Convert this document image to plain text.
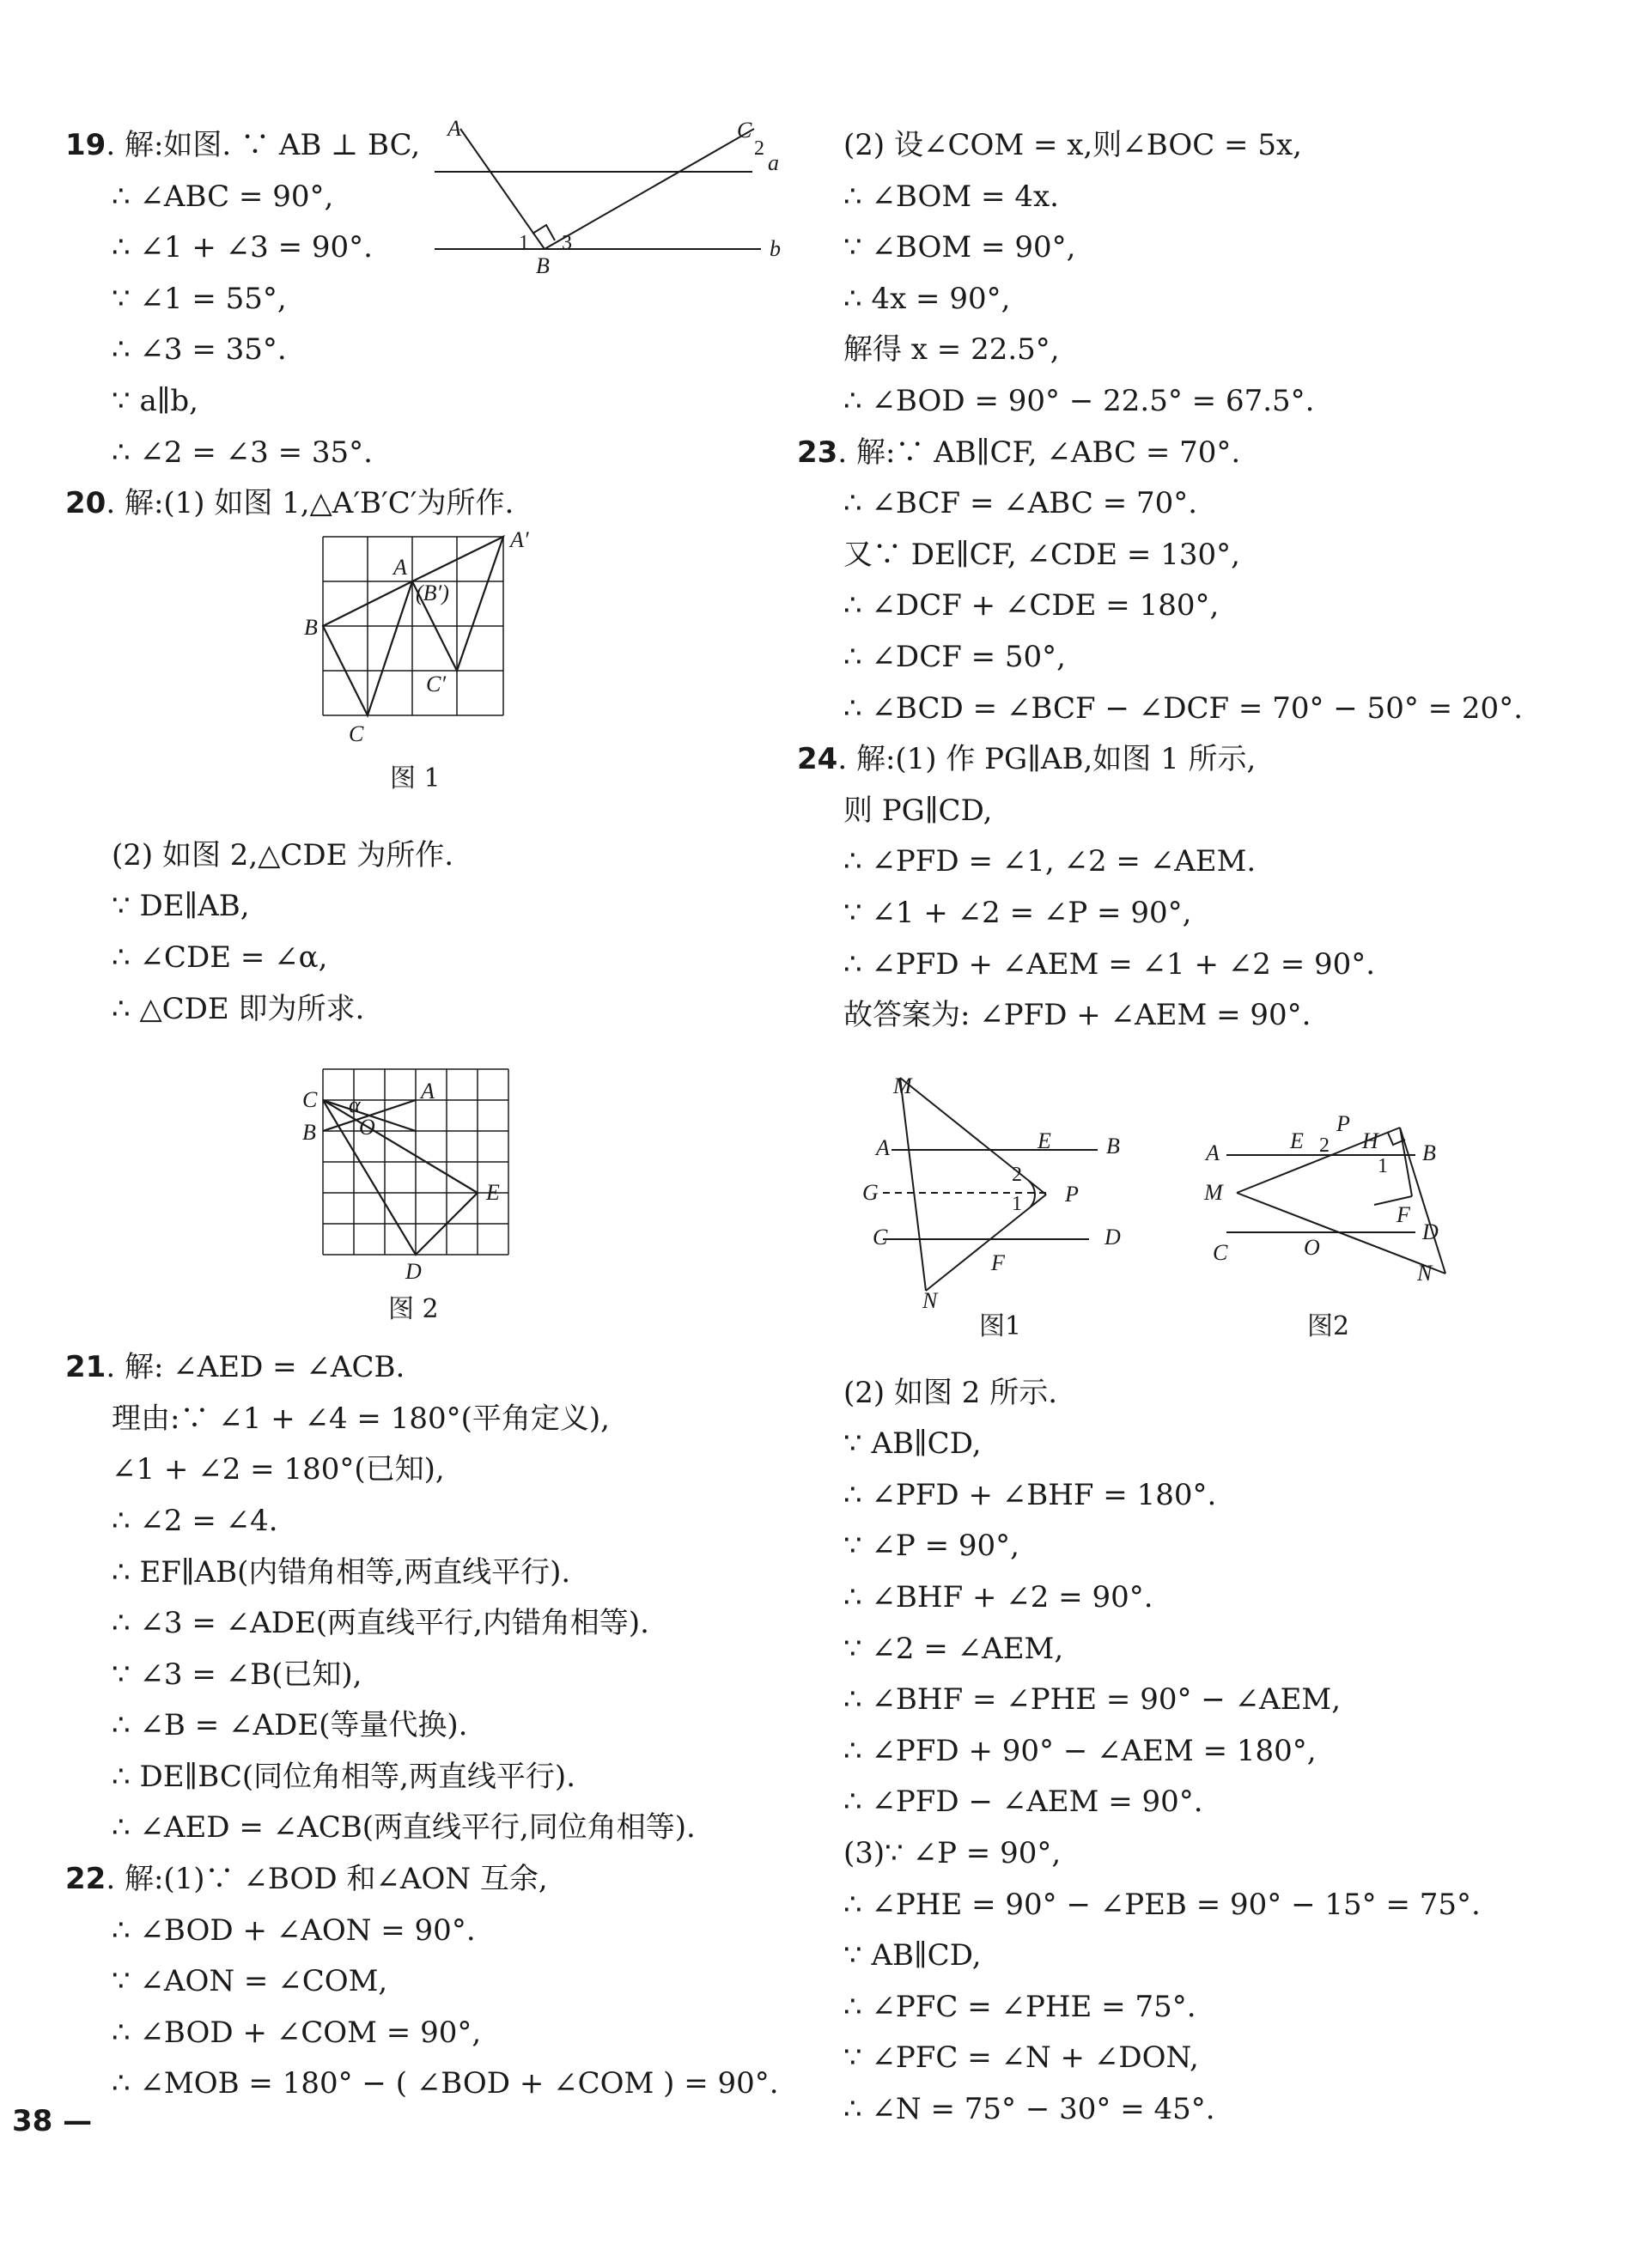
19. 解:如图. ∵ AB ⊥ BC,
∴ ∠ABC = 90°,
∴ ∠1 + ∠3 = 90°.
∵ ∠1 = 55°,
∴ ∠3 = 35°.
∵ a∥b,
∴ ∠2 = ∠3 = 35°.
A	C
2
a
1 3
B
b
20. 解:(1) 如图 1,△A′B′C′为所作.
A
(B′)
A′
B
C′
C
图 1
(2) 如图 2,△CDE 为所作.
∵ DE∥AB,
∴ ∠CDE = ∠α,
∴ △CDE 即为所求.
C	A
B
α
O
E
D
图 2
21. 解: ∠AED = ∠ACB.
理由:∵ ∠1 + ∠4 = 180°(平角定义),
∠1 + ∠2 = 180°(已知),
∴ ∠2 = ∠4.
∴ EF∥AB(内错角相等,两直线平行).
∴ ∠3 = ∠ADE(两直线平行,内错角相等).
∵ ∠3 = ∠B(已知),
∴ ∠B = ∠ADE(等量代换).
∴ DE∥BC(同位角相等,两直线平行).
∴ ∠AED = ∠ACB(两直线平行,同位角相等).
22. 解:(1)∵ ∠BOD 和∠AON 互余,
∴ ∠BOD + ∠AON = 90°.
∵ ∠AON = ∠COM,
∴ ∠BOD + ∠COM = 90°,
∴ ∠MOB = 180° − ( ∠BOD + ∠COM ) = 90°.
(2) 设∠COM = x,则∠BOC = 5x,
∴ ∠BOM = 4x.
∵ ∠BOM = 90°,
∴ 4x = 90°,
解得 x = 22.5°,
∴ ∠BOD = 90° − 22.5° = 67.5°.
23. 解:∵ AB∥CF, ∠ABC = 70°.
∴ ∠BCF = ∠ABC = 70°.
又∵ DE∥CF, ∠CDE = 130°,
∴ ∠DCF + ∠CDE = 180°,
∴ ∠DCF = 50°,
∴ ∠BCD = ∠BCF − ∠DCF = 70° − 50° = 20°.
24. 解:(1) 作 PG∥AB,如图 1 所示,
则 PG∥CD,
∴ ∠PFD = ∠1, ∠2 = ∠AEM.
∵ ∠1 + ∠2 = ∠P = 90°,
∴ ∠PFD + ∠AEM = ∠1 + ∠2 = 90°.
故答案为: ∠PFD + ∠AEM = 90°.
M
A	E B
G
2
1 P
C	D
F
N
A	E 2
P
H B
1
M
F
D
C	O
N
图1	图2
(2) 如图 2 所示.
∵ AB∥CD,
∴ ∠PFD + ∠BHF = 180°.
∵ ∠P = 90°,
∴ ∠BHF + ∠2 = 90°.
∵ ∠2 = ∠AEM,
∴ ∠BHF = ∠PHE = 90° − ∠AEM,
∴ ∠PFD + 90° − ∠AEM = 180°,
∴ ∠PFD − ∠AEM = 90°.
(3)∵ ∠P = 90°,
∴ ∠PHE = 90° − ∠PEB = 90° − 15° = 75°.
∵ AB∥CD,
∴ ∠PFC = ∠PHE = 75°.
∵ ∠PFC = ∠N + ∠DON,
∴ ∠N = 75° − 30° = 45°.
38 —
